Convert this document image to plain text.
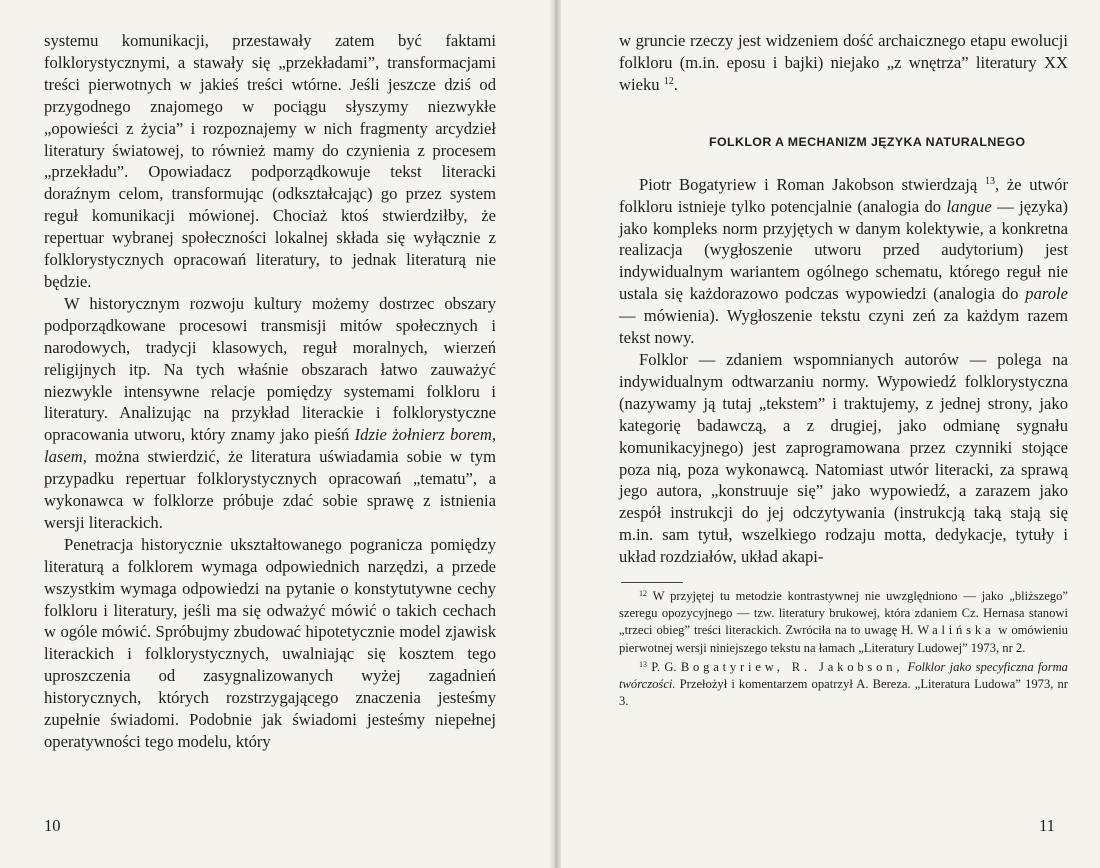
systemu komunikacji, przestawały zatem być faktami folklorystycznymi, a stawały się „przekładami”, transformacjami treści pierwotnych w jakieś treści wtórne. Jeśli jeszcze dziś od przygodnego znajomego w pociągu słyszymy niezwykłe „opowieści z życia” i rozpoznajemy w nich fragmenty arcydzieł literatury światowej, to również mamy do czynienia z procesem „przekładu”. Opowiadacz podporządkowuje tekst literacki doraźnym celom, transformując (odkształcając) go przez system reguł komunikacji mówionej. Chociaż ktoś stwierdziłby, że repertuar wybranej społeczności lokalnej składa się wyłącznie z folklorystycznych opracowań literatury, to jednak literaturą nie będzie.

W historycznym rozwoju kultury możemy dostrzec obszary podporządkowane procesowi transmisji mitów społecznych i narodowych, tradycji klasowych, reguł moralnych, wierzeń religijnych itp. Na tych właśnie obszarach łatwo zauważyć niezwykle intensywne relacje pomiędzy systemami folkloru i literatury. Analizując na przykład literackie i folklorystyczne opracowania utworu, który znamy jako pieśń Idzie żołnierz borem, lasem, można stwierdzić, że literatura uświadamia sobie w tym przypadku repertuar folklorystycznych opracowań „tematu”, a wykonawca w folklorze próbuje zdać sobie sprawę z istnienia wersji literackich.

Penetracja historycznie ukształtowanego pogranicza pomiędzy literaturą a folklorem wymaga odpowiednich narzędzi, a przede wszystkim wymaga odpowiedzi na pytanie o konstytutywne cechy folkloru i literatury, jeśli ma się odważyć mówić o takich cechach w ogóle mówić. Spróbujmy zbudować hipotetycznie model zjawisk literackich i folklorystycznych, uwalniając się kosztem tego uproszczenia od zasygnalizowanych wyżej zagadnień historycznych, których rozstrzygającego znaczenia jesteśmy zupełnie świadomi. Podobnie jak świadomi jesteśmy niepełnej operatywności tego modelu, który

10

w gruncie rzeczy jest widzeniem dość archaicznego etapu ewolucji folkloru (m.in. eposu i bajki) niejako „z wnętrza” literatury XX wieku $^{12}$.

FOLKLOR A MECHANIZM JĘZYKA NATURALNEGO

Piotr Bogatyriew i Roman Jakobson stwierdzają $^{13}$, że utwór folkloru istnieje tylko potencjalnie (analogia do langue — języka) jako kompleks norm przyjętych w danym kolektywie, a konkretna realizacja (wygłoszenie utworu przed audytorium) jest indywidualnym wariantem ogólnego schematu, którego reguł nie ustala się każdorazowo podczas wypowiedzi (analogia do parole — mówienia). Wygłoszenie tekstu czyni zeń za każdym razem tekst nowy.

Folklor — zdaniem wspomnianych autorów — polega na indywidualnym odtwarzaniu normy. Wypowiedź folklorystyczna (nazywamy ją tutaj „tekstem” i traktujemy, z jednej strony, jako kategorię badawczą, a z drugiej, jako odmianę sygnału komunikacyjnego) jest zaprogramowana przez czynniki stojące poza nią, poza wykonawcą. Natomiast utwór literacki, za sprawą jego autora, „konstruuje się” jako wypowiedź, a zarazem jako zespół instrukcji do jej odczytywania (instrukcją taką stają się m.in. sam tytuł, wszelkiego rodzaju motta, dedykacje, tytuły i układ rozdziałów, układ akapi-

$^{12}$ W przyjętej tu metodzie kontrastywnej nie uwzględniono — jako „bliższego” szeregu opozycyjnego — tzw. literatury brukowej, która zdaniem Cz. Hernasa stanowi „trzeci obieg” treści literackich. Zwróciła na to uwagę H. Walińska w omówieniu pierwotnej wersji niniejszego tekstu na łamach „Literatury Ludowej” 1973, nr 2.

$^{13}$ P. G. Bogatyriew, R. Jakobson, Folklor jako specyficzna forma twórczości. Przełożył i komentarzem opatrzył A. Bereza. „Literatura Ludowa” 1973, nr 3.

11
